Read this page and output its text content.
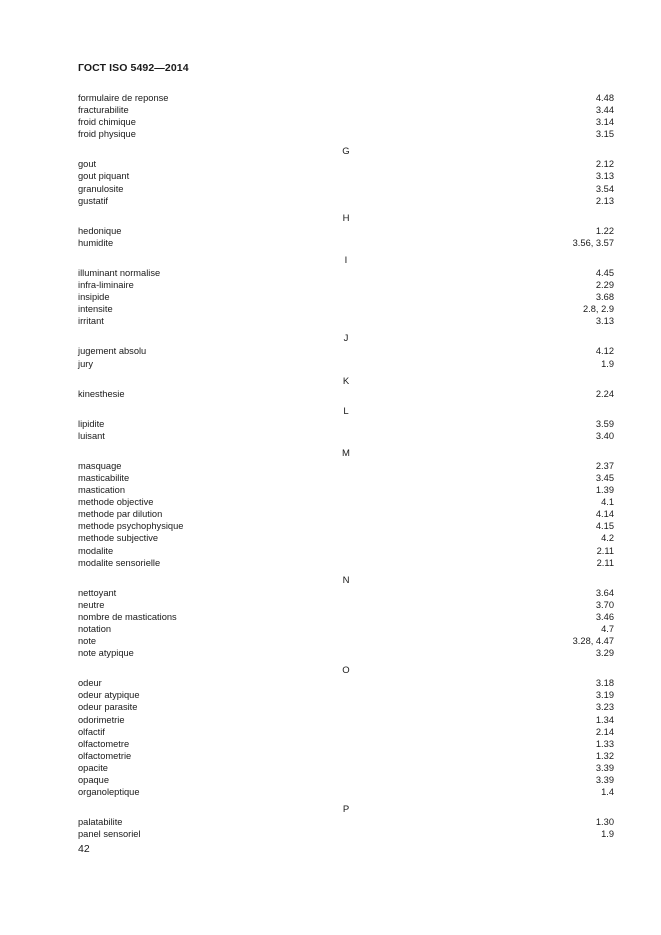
ГОСТ ISO 5492—2014
formulaire de reponse	4.48
fracturabilite	3.44
froid chimique	3.14
froid physique	3.15
G
gout	2.12
gout piquant	3.13
granulosite	3.54
gustatif	2.13
H
hedonique	1.22
humidite	3.56, 3.57
I
illuminant normalise	4.45
infra-liminaire	2.29
insipide	3.68
intensite	2.8, 2.9
irritant	3.13
J
jugement absolu	4.12
jury	1.9
K
kinesthesie	2.24
L
lipidite	3.59
luisant	3.40
M
masquage	2.37
masticabilite	3.45
mastication	1.39
methode objective	4.1
methode par dilution	4.14
methode psychophysique	4.15
methode subjective	4.2
modalite	2.11
modalite sensorielle	2.11
N
nettoyant	3.64
neutre	3.70
nombre de mastications	3.46
notation	4.7
note	3.28, 4.47
note atypique	3.29
O
odeur	3.18
odeur atypique	3.19
odeur parasite	3.23
odorimetrie	1.34
olfactif	2.14
olfactometre	1.33
olfactometrie	1.32
opacite	3.39
opaque	3.39
organoleptique	1.4
P
palatabilite	1.30
panel sensoriel	1.9
42
